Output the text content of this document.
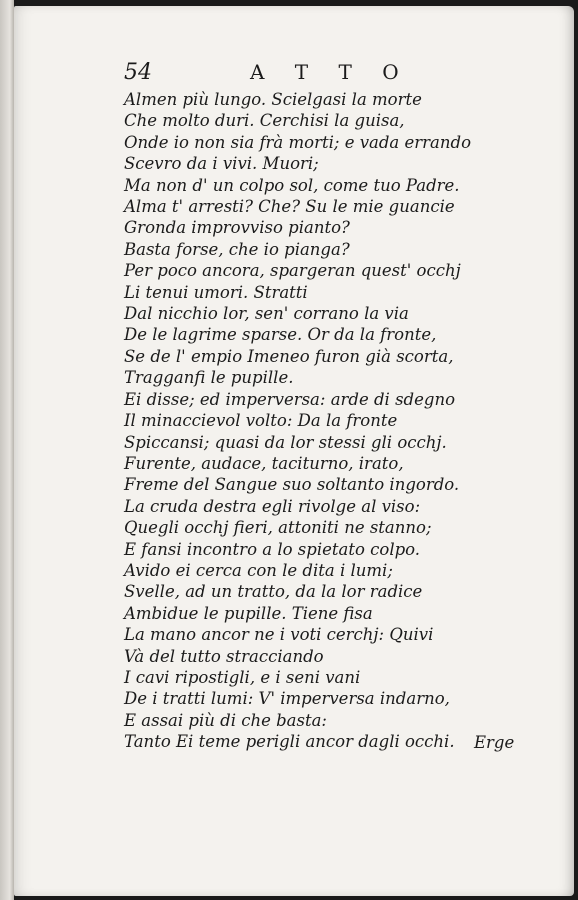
54	A T T O
Almen più lungo. Scielgasi la morte
Che molto duri. Cerchisi la guisa,
Onde io non sia frà morti; e vada errando
Scevro da i vivi. Muori;
Ma non d' un colpo sol, come tuo Padre.
Alma t' arresti? Che? Su le mie guancie
Gronda improvviso pianto?
Basta forse, che io pianga?
Per poco ancora, spargeran quest' occhj
Li tenui umori. Stratti
Dal nicchio lor, sen' corrano la via
De le lagrime sparse. Or da la fronte,
Se de l' empio Imeneo furon già scorta,
Tragganfi le pupille.
Ei disse; ed imperversa: arde di sdegno
Il minaccievol volto: Da la fronte
Spiccansi; quasi da lor stessi gli occhj.
Furente, audace, taciturno, irato,
Freme del Sangue suo soltanto ingordo.
La cruda destra egli rivolge al viso:
Quegli occhj fieri, attoniti ne stanno;
E fansi incontro a lo spietato colpo.
Avido ei cerca con le dita i lumi;
Svelle, ad un tratto, da la lor radice
Ambidue le pupille. Tiene fisa
La mano ancor ne i voti cerchj: Quivi
Và del tutto stracciando
I cavi ripostigli, e i seni vani
De i tratti lumi: V' imperversa indarno,
E assai più di che basta:
Tanto Ei teme perigli ancor dagli occhi.	Erge
